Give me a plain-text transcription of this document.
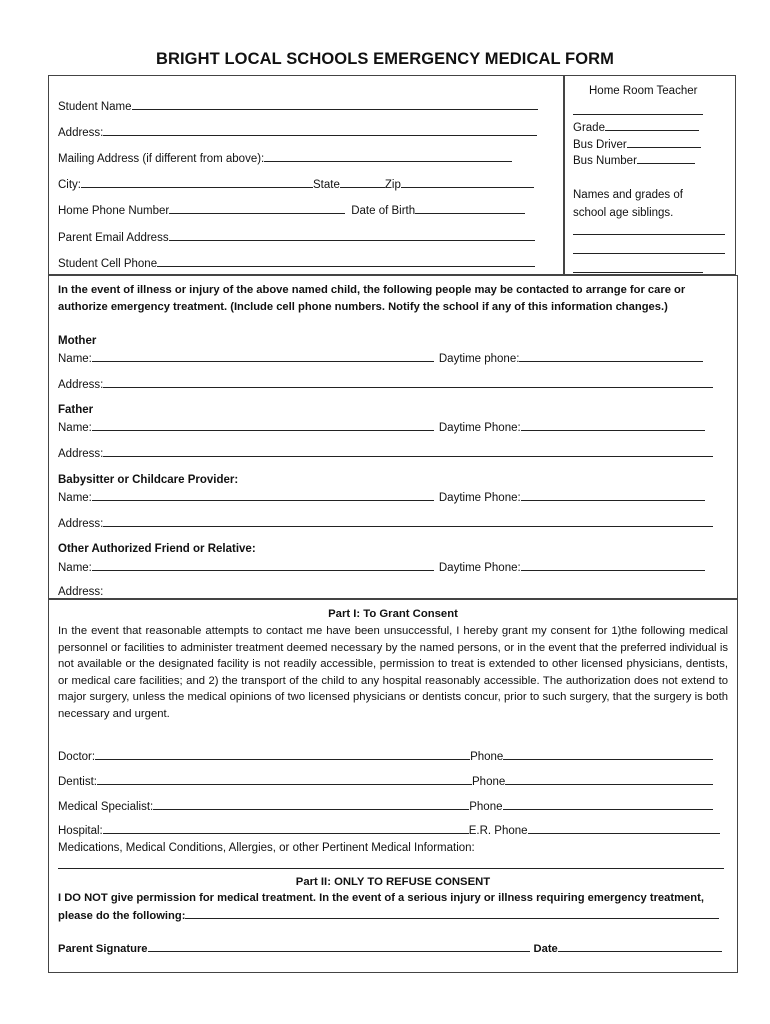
BRIGHT LOCAL SCHOOLS EMERGENCY MEDICAL FORM
Student Name
Address:
Mailing Address (if different from above):
City:	State	Zip
Home Phone Number	Date of Birth
Parent Email Address
Student Cell Phone
Home Room Teacher
Grade
Bus Driver
Bus Number
Names and grades of
school age siblings.
In the event of illness or injury of the above named child, the following people may be contacted to arrange for care or authorize emergency treatment. (Include cell phone numbers. Notify the school if any of this information changes.)
Mother
Name:	Daytime phone:
Address:
Father
Name:	Daytime Phone:
Address:
Babysitter or Childcare Provider:
Name:	Daytime Phone:
Address:
Other Authorized Friend or Relative:
Name:	Daytime Phone:
Address:
Part I: To Grant Consent
In the event that reasonable attempts to contact me have been unsuccessful, I hereby grant my consent for 1)the following medical personnel or facilities to administer treatment deemed necessary by the named persons, or in the event that the preferred individual is not available or the designated facility is not readily accessible, permission to treat is extended to other licensed physicians, dentists, or medical care facilities; and 2) the transport of the child to any hospital reasonably accessible. The authorization does not extend to major surgery, unless the medical opinions of two licensed physicians or dentists concur, prior to such surgery, that the surgery is both necessary and urgent.
Doctor:	Phone
Dentist:	Phone
Medical Specialist:	Phone
Hospital:	E.R. Phone
Medications, Medical Conditions, Allergies, or other Pertinent Medical Information:
Part II: ONLY TO REFUSE CONSENT
I DO NOT give permission for medical treatment. In the event of a serious injury or illness requiring emergency treatment,
please do the following:
Parent Signature	Date
